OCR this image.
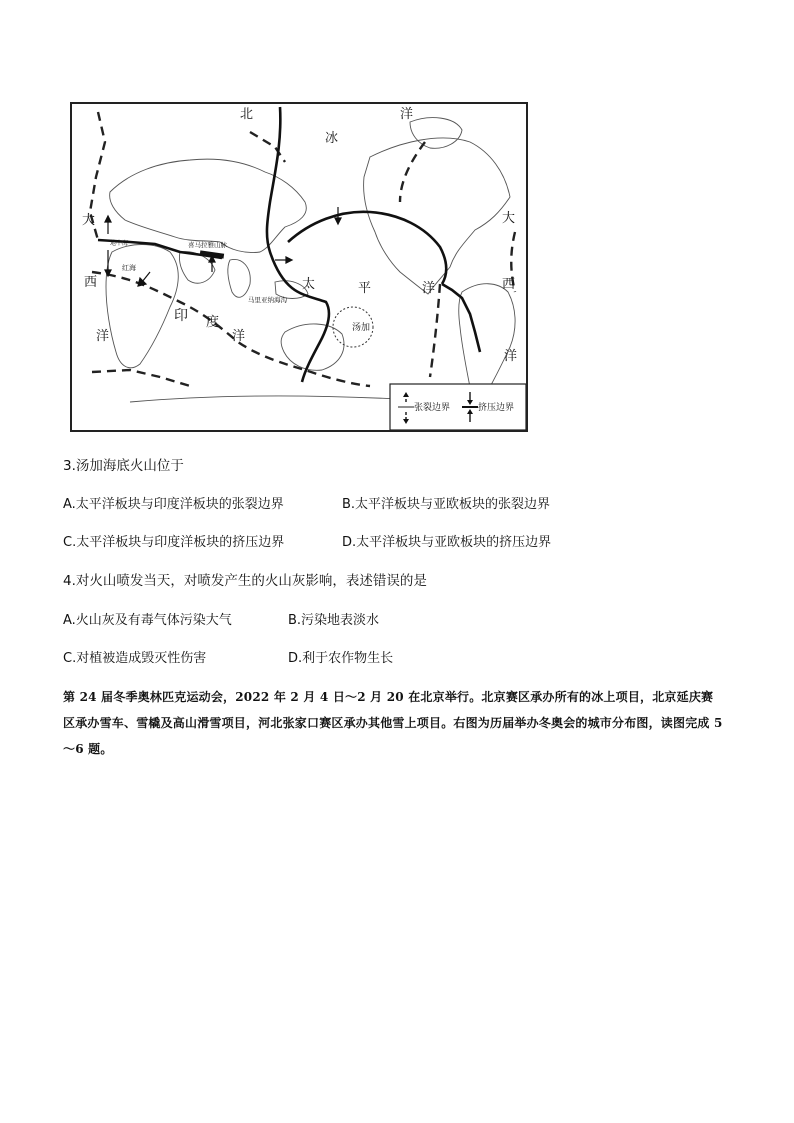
北
冰
洋
大
西
洋
大
西
洋
印 度
洋
太	平	洋
地中海	喜马拉雅山脉
红海
马里亚纳海沟
汤加
张裂边界	挤压边界
3.汤加海底火山位于
A.太平洋板块与印度洋板块的张裂边界	B.太平洋板块与亚欧板块的张裂边界
C.太平洋板块与印度洋板块的挤压边界	D.太平洋板块与亚欧板块的挤压边界
4.对火山喷发当天，对喷发产生的火山灰影响，表述错误的是
A.火山灰及有毒气体污染大气	B.污染地表淡水
C.对植被造成毁灭性伤害	D.利于农作物生长
第 24 届冬季奥林匹克运动会，2022 年 2 月 4 日～2 月 20 在北京举行。北京赛区承办所有的冰上项目，北京延庆赛区承办雪车、雪橇及高山滑雪项目，河北张家口赛区承办其他雪上项目。右图为历届举办冬奥会的城市分布图，读图完成 5～6 题。
